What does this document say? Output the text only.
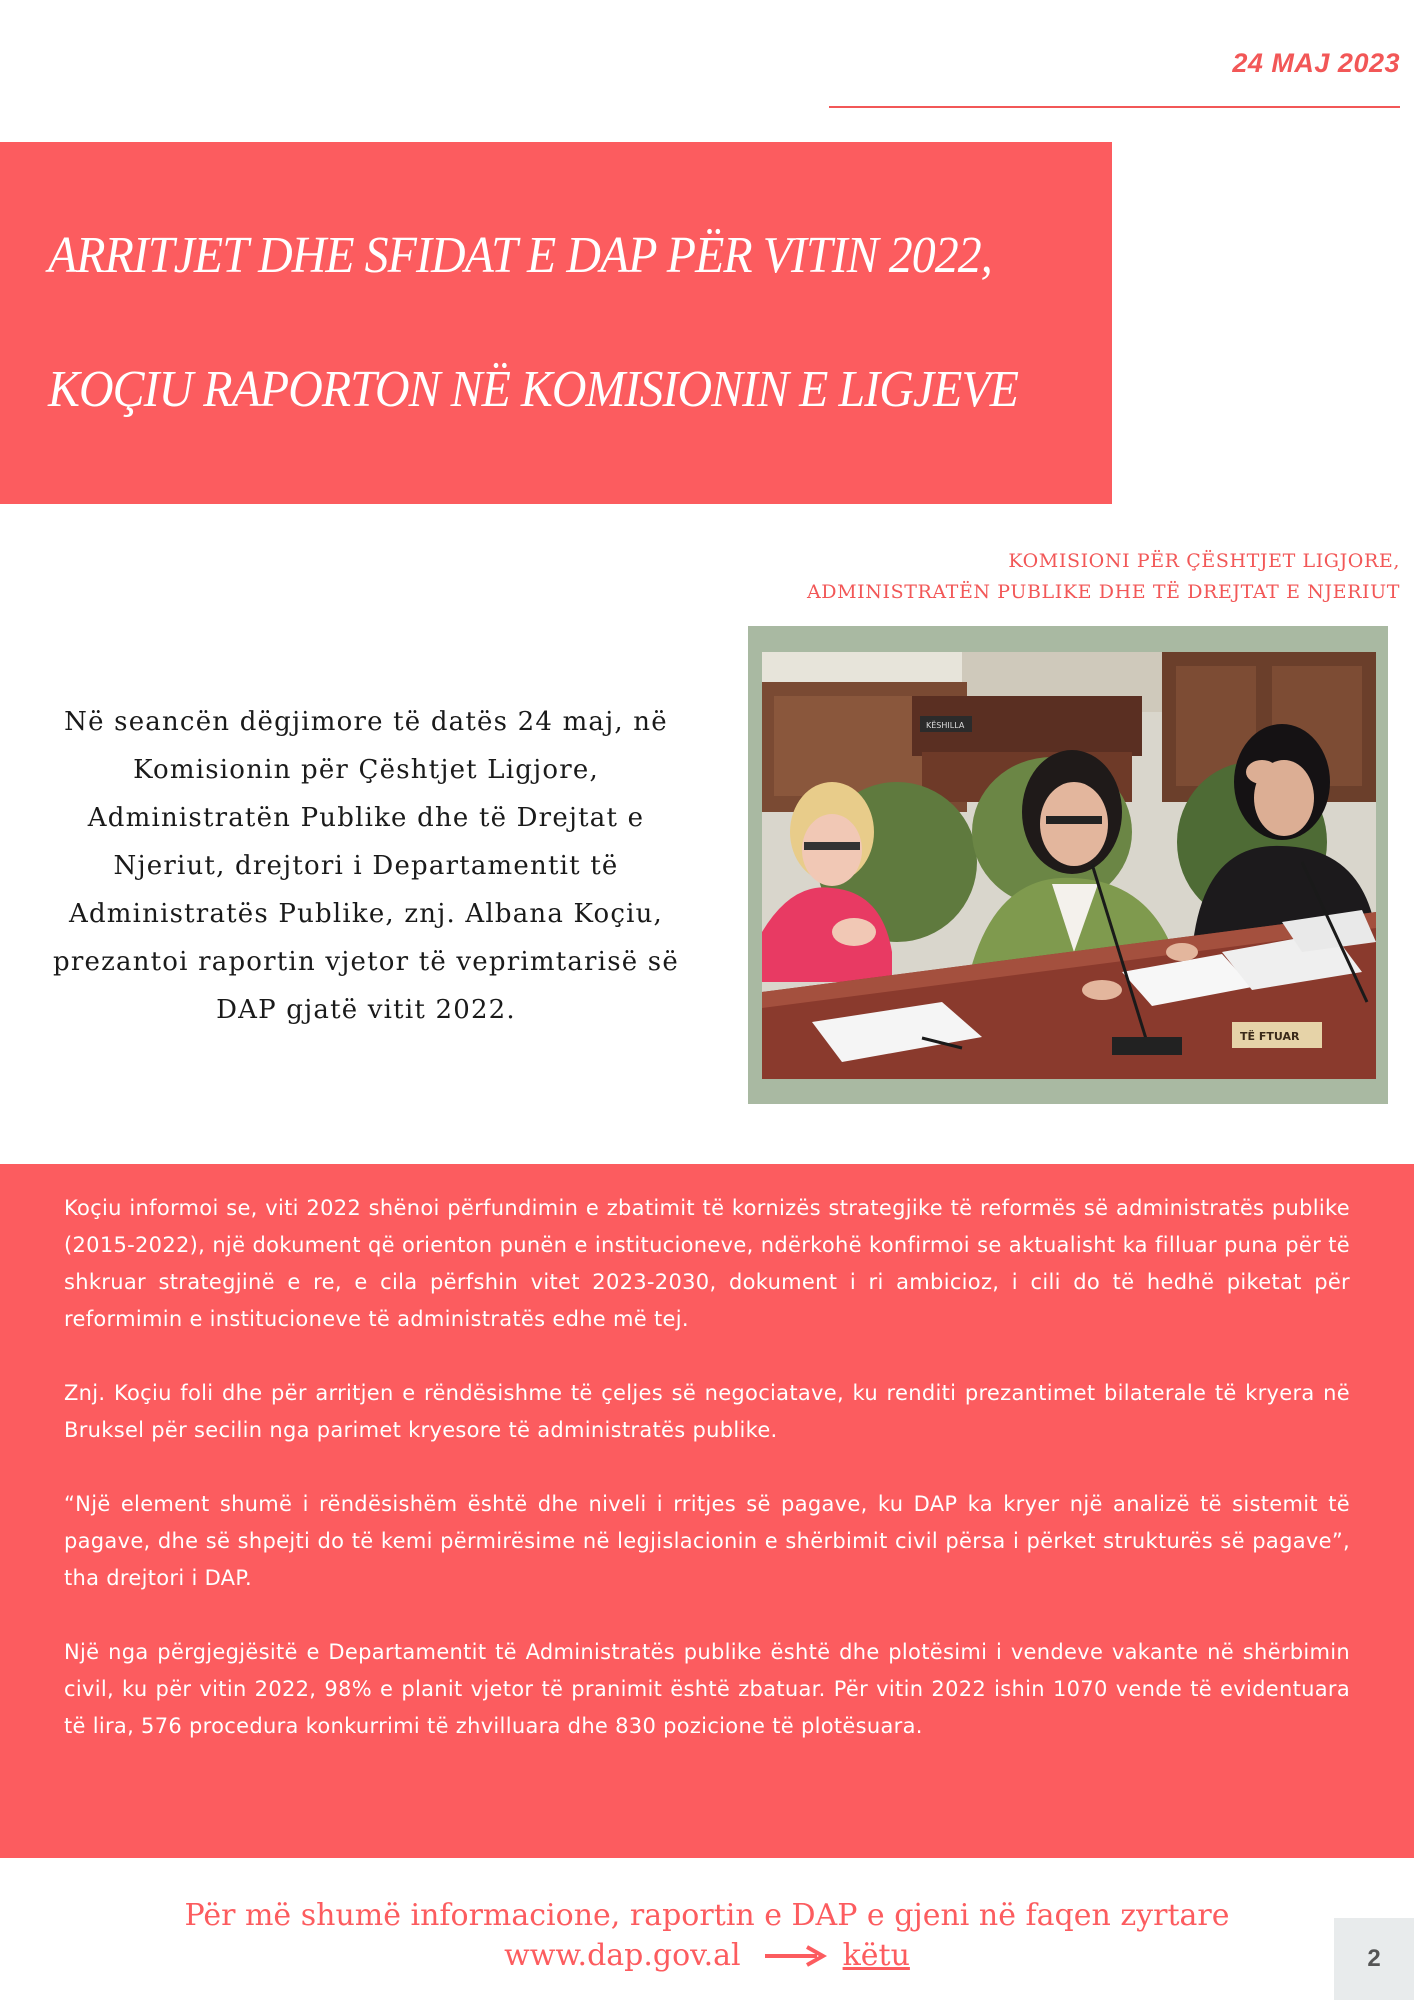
24 MAJ 2023
ARRITJET DHE SFIDAT E DAP PËR VITIN 2022,
KOÇIU RAPORTON NË KOMISIONIN E LIGJEVE
KOMISIONI PËR ÇËSHTJET LIGJORE,
ADMINISTRATËN PUBLIKE DHE TË DREJTAT E NJERIUT
Në seancën dëgjimore të datës 24 maj, në Komisionin për Çështjet Ligjore, Administratën Publike dhe të Drejtat e Njeriut, drejtori i Departamentit të Administratës Publike, znj. Albana Koçiu, prezantoi raportin vjetor të veprimtarisë së DAP gjatë vitit 2022.
KËSHILLA
TË FTUAR

Koçiu informoi se, viti 2022 shënoi përfundimin e zbatimit të kornizës strategjike të reformës së administratës publike (2015-2022), një dokument që orienton punën e institucioneve, ndërkohë konfirmoi se aktualisht ka filluar puna për të shkruar strategjinë e re, e cila përfshin vitet 2023-2030, dokument i ri ambicioz, i cili do të hedhë piketat për reformimin e institucioneve të administratës edhe më tej.

Znj. Koçiu foli dhe për arritjen e rëndësishme të çeljes së negociatave, ku renditi prezantimet bilaterale të kryera në Bruksel për secilin nga parimet kryesore të administratës publike.

“Një element shumë i rëndësishëm është dhe niveli i rritjes së pagave, ku DAP ka kryer një analizë të sistemit të pagave, dhe së shpejti do të kemi përmirësime në legjislacionin e shërbimit civil përsa i përket strukturës së pagave”, tha drejtori i DAP.

Një nga përgjegjësitë e Departamentit të Administratës publike është dhe plotësimi i vendeve vakante në shërbimin civil, ku për vitin 2022, 98% e planit vjetor të pranimit është zbatuar. Për vitin 2022 ishin 1070 vende të evidentuara të lira, 576 procedura konkurrimi të zhvilluara dhe 830 pozicione të plotësuara.

Për më shumë informacione, raportin e DAP e gjeni në faqen zyrtare
www.dap.gov.al	këtu	2
